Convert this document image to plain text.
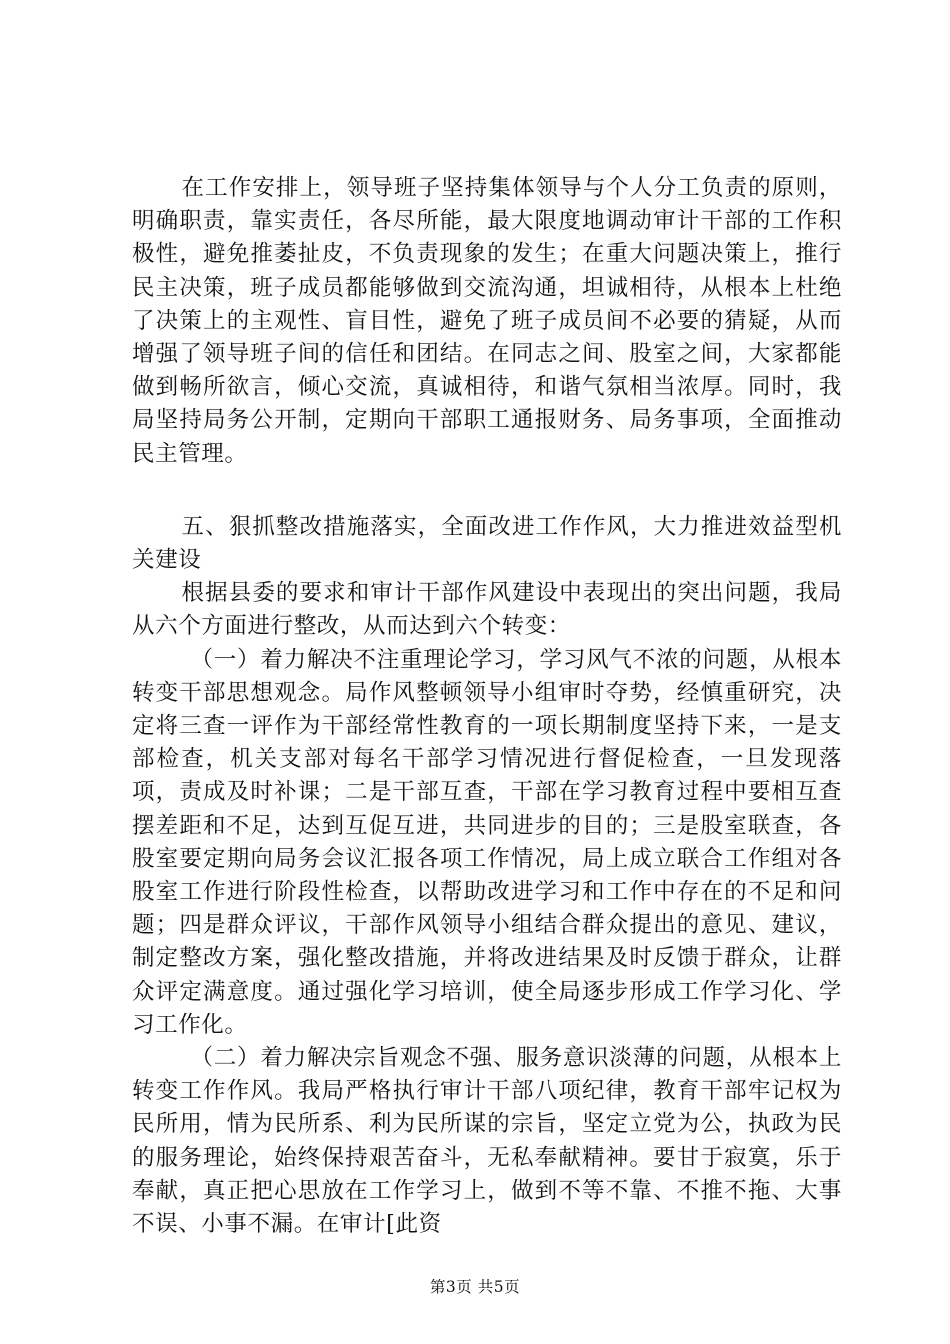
在工作安排上，领导班子坚持集体领导与个人分工负责的原则，明确职责，靠实责任，各尽所能，最大限度地调动审计干部的工作积极性，避免推萎扯皮，不负责现象的发生；在重大问题决策上，推行民主决策，班子成员都能够做到交流沟通，坦诚相待，从根本上杜绝了决策上的主观性、盲目性，避免了班子成员间不必要的猜疑，从而增强了领导班子间的信任和团结。在同志之间、股室之间，大家都能做到畅所欲言，倾心交流，真诚相待，和谐气氛相当浓厚。同时，我局坚持局务公开制，定期向干部职工通报财务、局务事项，全面推动民主管理。

五、狠抓整改措施落实，全面改进工作作风，大力推进效益型机关建设

根据县委的要求和审计干部作风建设中表现出的突出问题，我局从六个方面进行整改，从而达到六个转变：

（一）着力解决不注重理论学习，学习风气不浓的问题，从根本转变干部思想观念。局作风整顿领导小组审时夺势，经慎重研究，决定将三查一评作为干部经常性教育的一项长期制度坚持下来，一是支部检查，机关支部对每名干部学习情况进行督促检查，一旦发现落项，责成及时补课；二是干部互查，干部在学习教育过程中要相互查摆差距和不足，达到互促互进，共同进步的目的；三是股室联查，各股室要定期向局务会议汇报各项工作情况，局上成立联合工作组对各股室工作进行阶段性检查，以帮助改进学习和工作中存在的不足和问题；四是群众评议，干部作风领导小组结合群众提出的意见、建议，制定整改方案，强化整改措施，并将改进结果及时反馈于群众，让群众评定满意度。通过强化学习培训，使全局逐步形成工作学习化、学习工作化。

（二）着力解决宗旨观念不强、服务意识淡薄的问题，从根本上转变工作作风。我局严格执行审计干部八项纪律，教育干部牢记权为民所用，情为民所系、利为民所谋的宗旨，坚定立党为公，执政为民的服务理论，始终保持艰苦奋斗，无私奉献精神。要甘于寂寞，乐于奉献，真正把心思放在工作学习上，做到不等不靠、不推不拖、大事不误、小事不漏。在审计[此资

第3页 共5页
